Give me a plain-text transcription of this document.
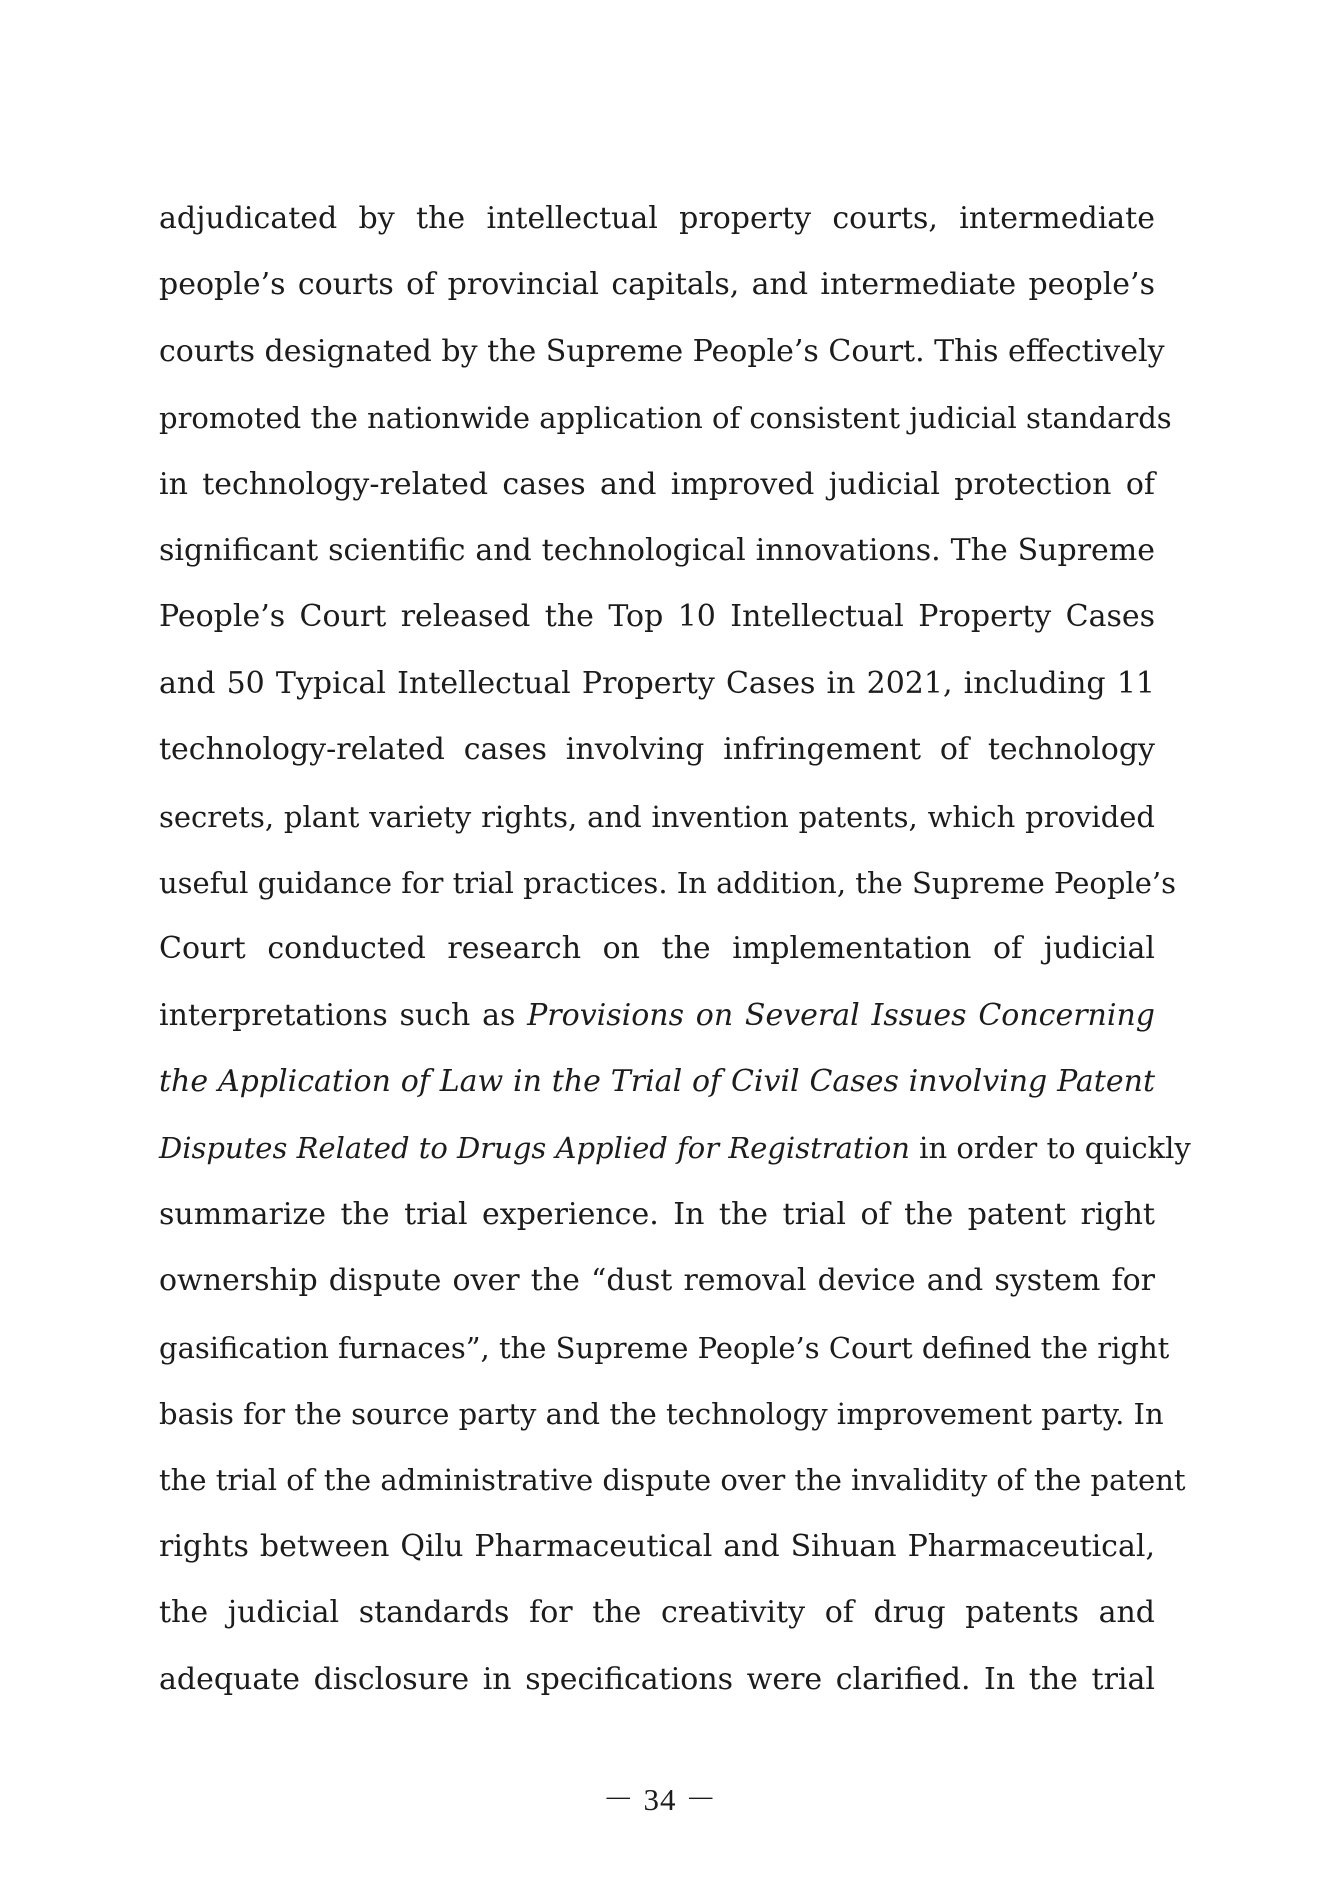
adjudicated by the intellectual property courts, intermediate
people’s courts of provincial capitals, and intermediate people’s
courts designated by the Supreme People’s Court. This effectively
promoted the nationwide application of consistent judicial standards
in technology-related cases and improved judicial protection of
significant scientific and technological innovations. The Supreme
People’s Court released the Top 10 Intellectual Property Cases
and 50 Typical Intellectual Property Cases in 2021, including 11
technology-related cases involving infringement of technology
secrets, plant variety rights, and invention patents, which provided
useful guidance for trial practices. In addition, the Supreme People’s
Court conducted research on the implementation of judicial
interpretations such as Provisions on Several Issues Concerning
the Application of Law in the Trial of Civil Cases involving Patent
Disputes Related to Drugs Applied for Registration in order to quickly
summarize the trial experience. In the trial of the patent right
ownership dispute over the “dust removal device and system for
gasification furnaces”, the Supreme People’s Court defined the right
basis for the source party and the technology improvement party. In
the trial of the administrative dispute over the invalidity of the patent
rights between Qilu Pharmaceutical and Sihuan Pharmaceutical,
the judicial standards for the creativity of drug patents and
adequate disclosure in specifications were clarified. In the trial
－ 34 －
